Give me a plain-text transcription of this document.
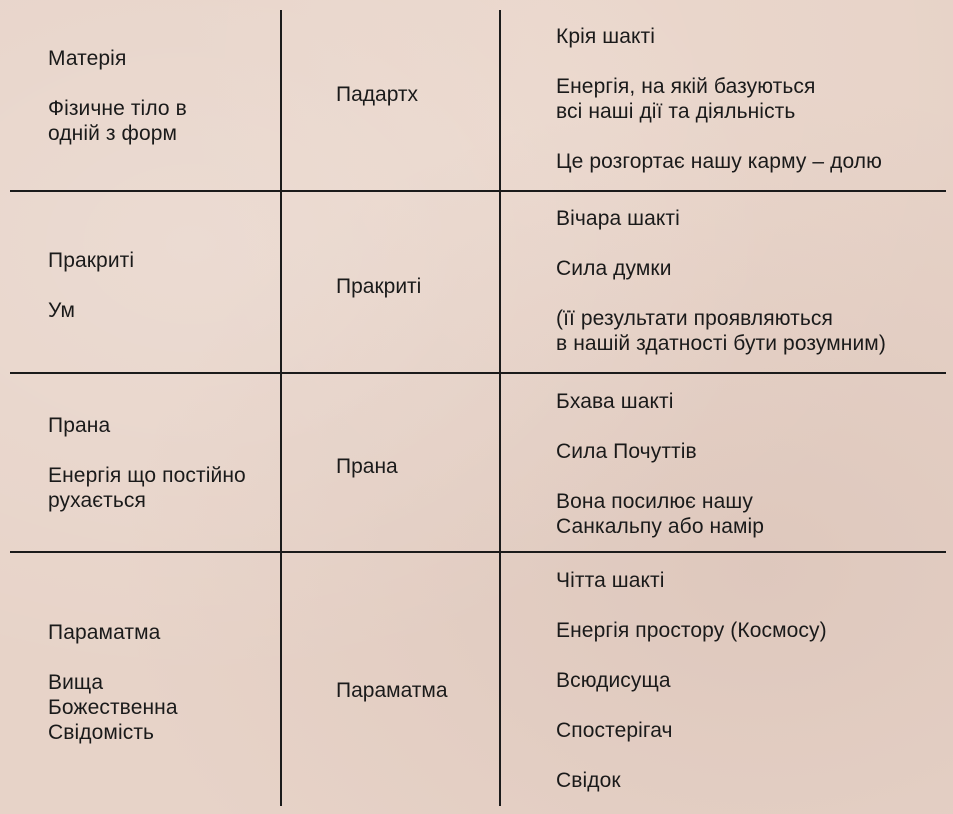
Матерія

Фізичне тіло в

одній з форм

Падартх

Крія шакті

Енергія, на якій базуються

всі наші дії та діяльність

Це розгортає нашу карму – долю

Пракриті

Ум

Пракриті

Вічара шакті

Сила думки

(її результати проявляються

в нашій здатності бути розумним)

Прана

Енергія що постійно

рухається

Прана

Бхава шакті

Сила Почуттів

Вона посилює нашу

Санкальпу або намір

Параматма

Вища

Божественна

Свідомість

Параматма

Чітта шакті

Енергія простору (Космосу)

Всюдисуща

Спостерігач

Свідок
